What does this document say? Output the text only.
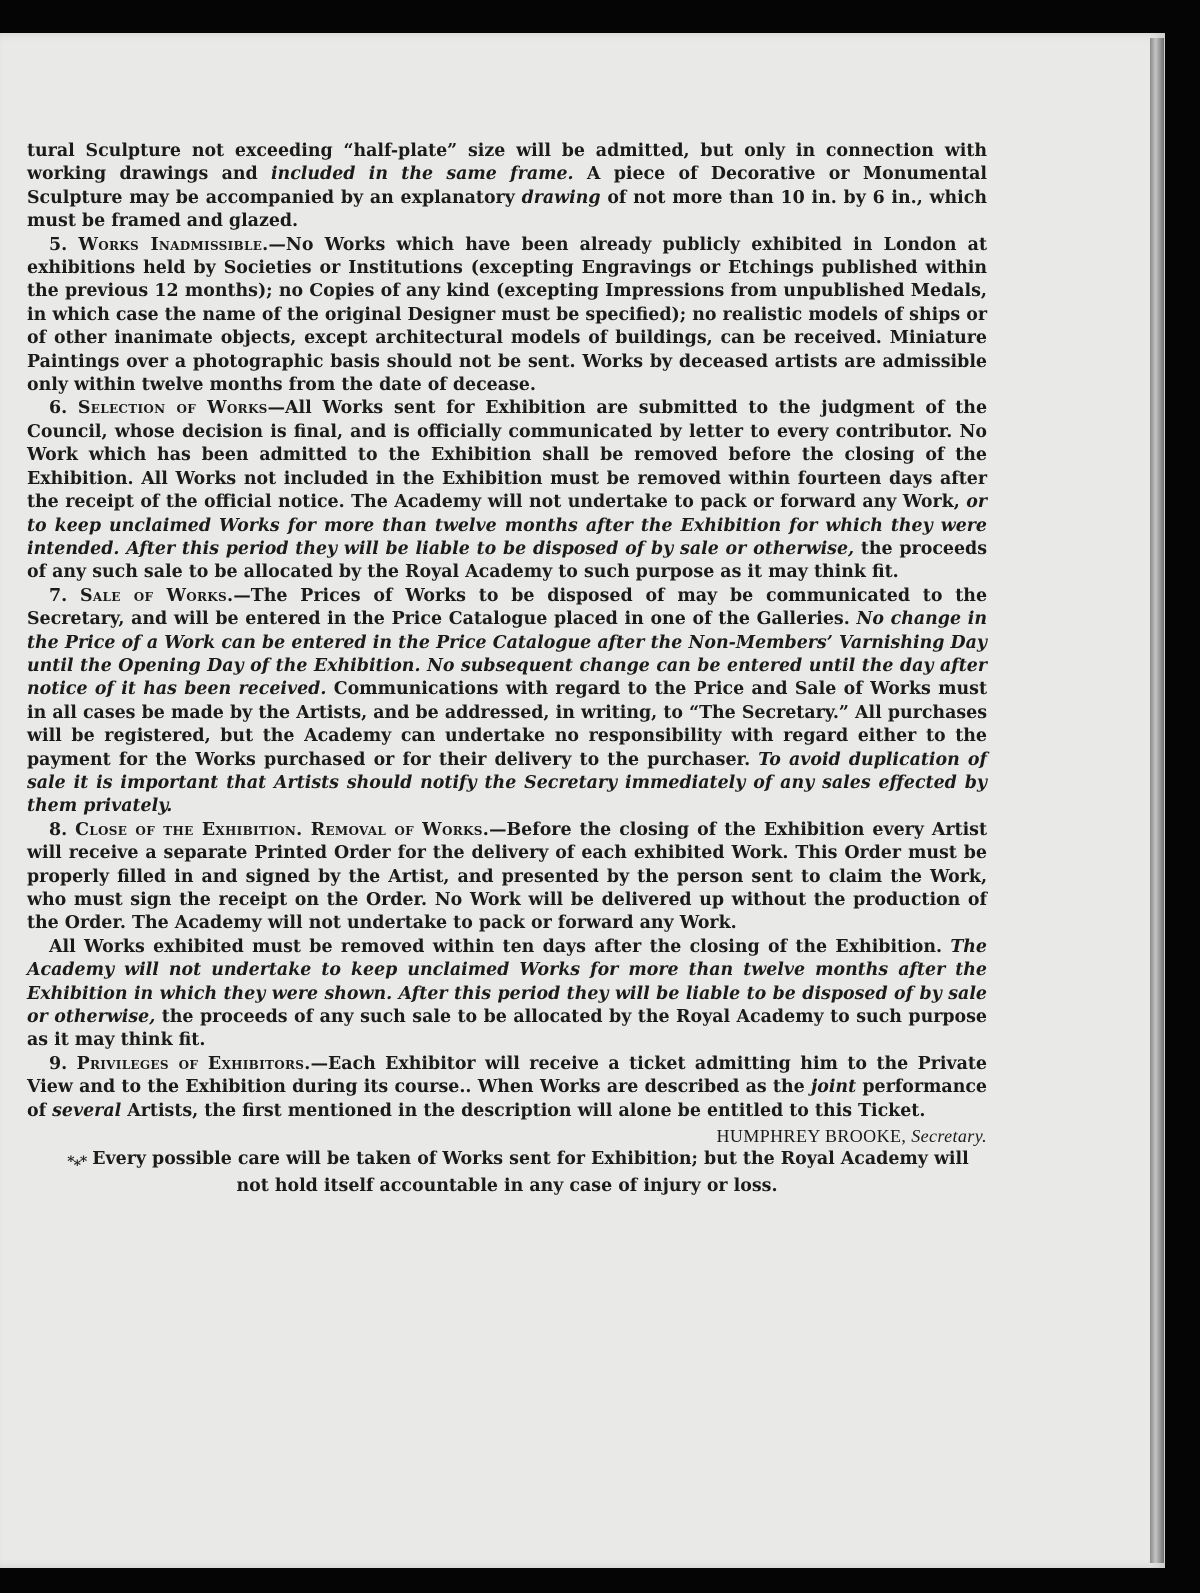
tural Sculpture not exceeding “half-plate” size will be admitted, but only in connection with working drawings and included in the same frame. A piece of Decorative or Monumental Sculpture may be accompanied by an explanatory drawing of not more than 10 in. by 6 in., which must be framed and glazed.

5. Works Inadmissible.—No Works which have been already publicly exhibited in London at exhibitions held by Societies or Institutions (excepting Engravings or Etchings published within the previous 12 months); no Copies of any kind (excepting Impressions from unpublished Medals, in which case the name of the original Designer must be specified); no realistic models of ships or of other inanimate objects, except architectural models of buildings, can be received. Miniature Paintings over a photographic basis should not be sent. Works by deceased artists are admissible only within twelve months from the date of decease.

6. Selection of Works—All Works sent for Exhibition are submitted to the judgment of the Council, whose decision is final, and is officially communicated by letter to every contributor. No Work which has been admitted to the Exhibition shall be removed before the closing of the Exhibition. All Works not included in the Exhibition must be removed within fourteen days after the receipt of the official notice. The Academy will not undertake to pack or forward any Work, or to keep unclaimed Works for more than twelve months after the Exhibition for which they were intended. After this period they will be liable to be disposed of by sale or otherwise, the proceeds of any such sale to be allocated by the Royal Academy to such purpose as it may think fit.

7. Sale of Works.—The Prices of Works to be disposed of may be communicated to the Secretary, and will be entered in the Price Catalogue placed in one of the Galleries. No change in the Price of a Work can be entered in the Price Catalogue after the Non-Members’ Varnishing Day until the Opening Day of the Exhibition. No subsequent change can be entered until the day after notice of it has been received. Communications with regard to the Price and Sale of Works must in all cases be made by the Artists, and be addressed, in writing, to “The Secretary.” All purchases will be registered, but the Academy can undertake no responsibility with regard either to the payment for the Works purchased or for their delivery to the purchaser. To avoid duplication of sale it is important that Artists should notify the Secretary immediately of any sales effected by them privately.

8. Close of the Exhibition. Removal of Works.—Before the closing of the Exhibition every Artist will receive a separate Printed Order for the delivery of each exhibited Work. This Order must be properly filled in and signed by the Artist, and presented by the person sent to claim the Work, who must sign the receipt on the Order. No Work will be delivered up without the production of the Order. The Academy will not undertake to pack or forward any Work.

All Works exhibited must be removed within ten days after the closing of the Exhibition. The Academy will not undertake to keep unclaimed Works for more than twelve months after the Exhibition in which they were shown. After this period they will be liable to be disposed of by sale or otherwise, the proceeds of any such sale to be allocated by the Royal Academy to such purpose as it may think fit.

9. Privileges of Exhibitors.—Each Exhibitor will receive a ticket admitting him to the Private View and to the Exhibition during its course.. When Works are described as the joint performance of several Artists, the first mentioned in the description will alone be entitled to this Ticket.

HUMPHREY BROOKE, Secretary.

*⁎* Every possible care will be taken of Works sent for Exhibition; but the Royal Academy will not hold itself accountable in any case of injury or loss.
